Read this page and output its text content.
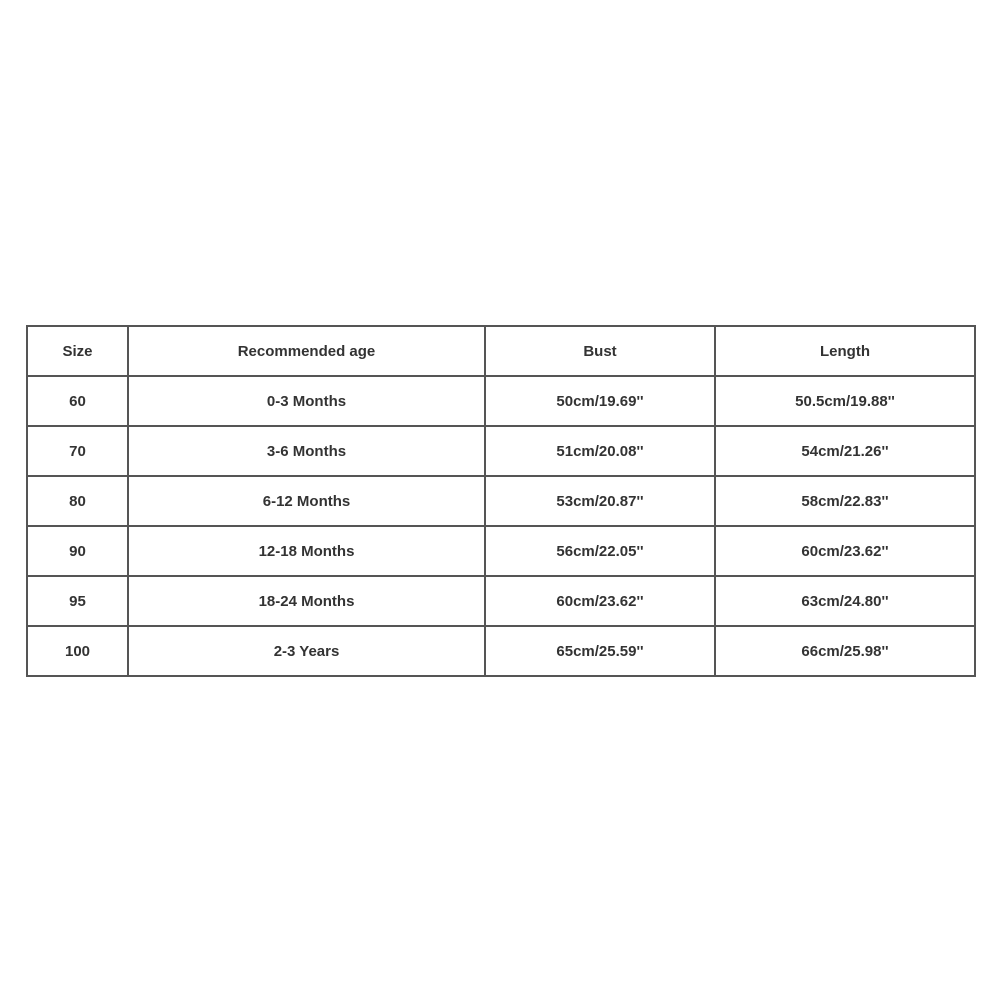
Size	Recommended age	Bust	Length
60	0-3 Months	50cm/19.69''	50.5cm/19.88''
70	3-6 Months	51cm/20.08''	54cm/21.26''
80	6-12 Months	53cm/20.87''	58cm/22.83''
90	12-18 Months	56cm/22.05''	60cm/23.62''
95	18-24 Months	60cm/23.62''	63cm/24.80''
100	2-3 Years	65cm/25.59''	66cm/25.98''
